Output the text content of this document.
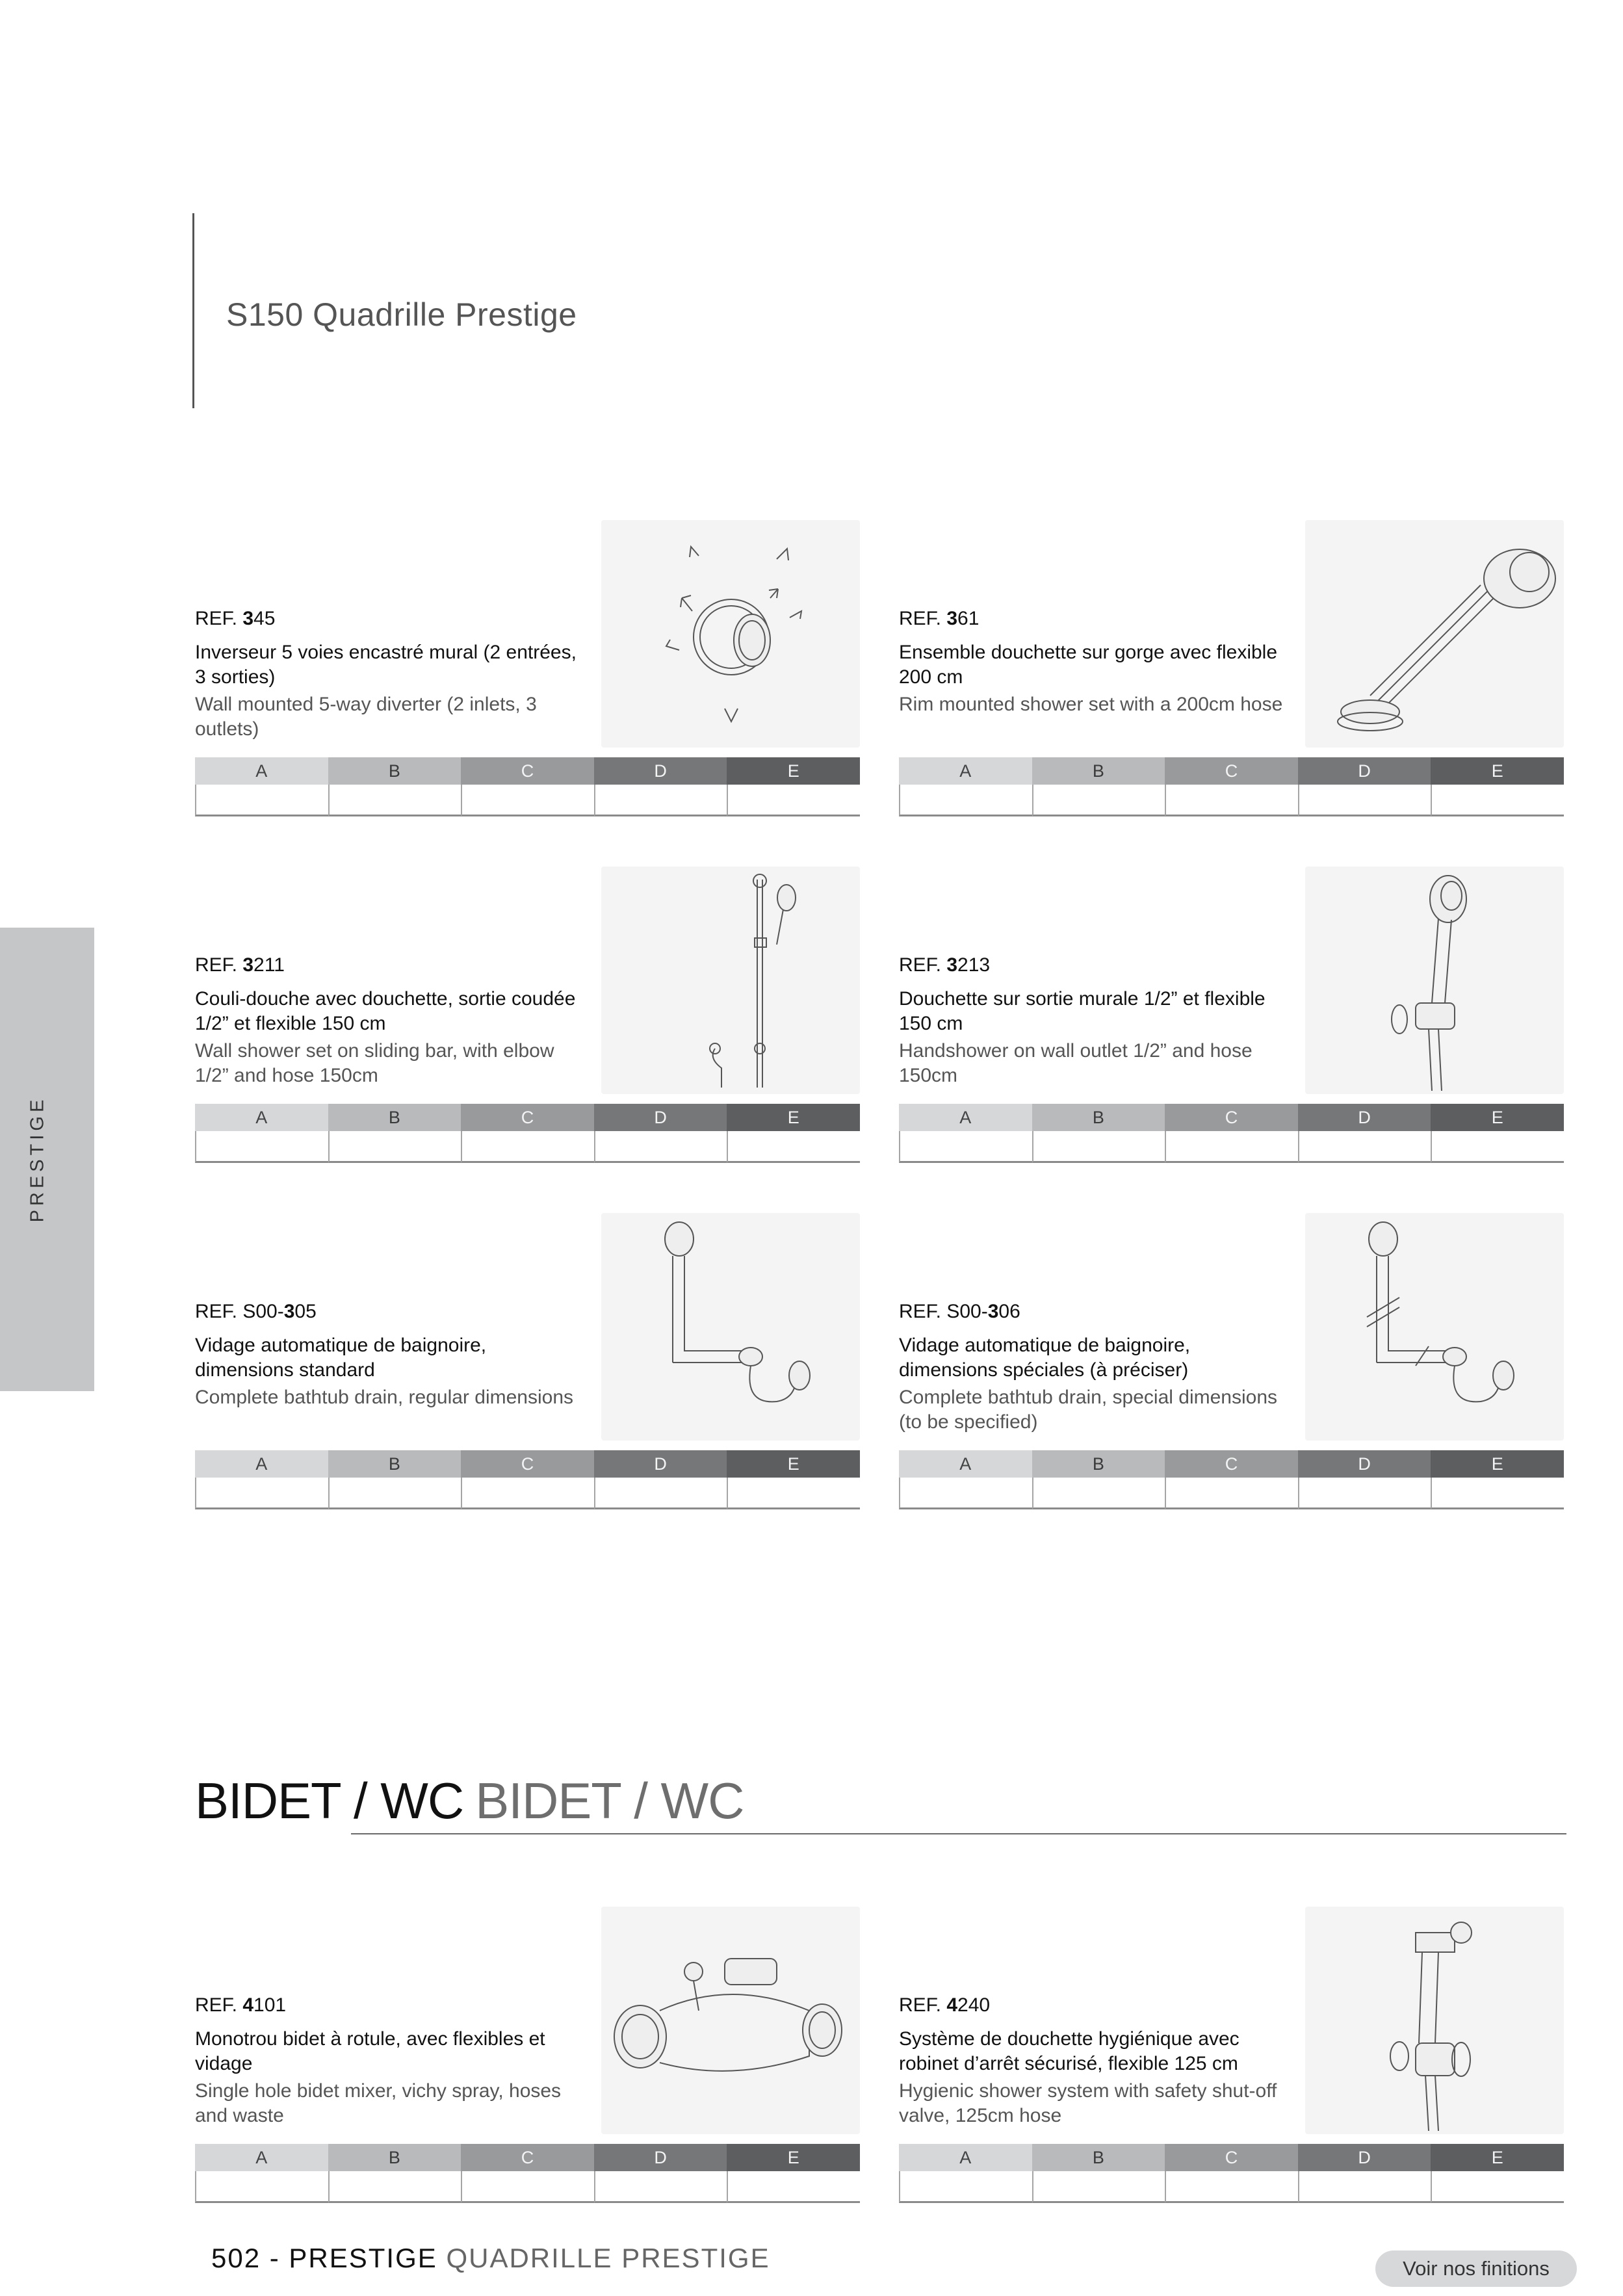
S150 Quadrille Prestige
PRESTIGE
REF. 345
Inverseur 5 voies encastré mural (2 entrées, 3 sorties)
Wall mounted 5-way diverter (2 inlets, 3 outlets)
A	B	C	D	E
REF. 361
Ensemble douchette sur gorge avec flexible 200 cm
Rim mounted shower set with a 200cm hose
A	B	C	D	E
REF. 3211
Couli-douche avec douchette, sortie coudée 1/2” et flexible 150 cm
Wall shower set on sliding bar, with elbow 1/2” and hose 150cm
A	B	C	D	E
REF. 3213
Douchette sur sortie murale 1/2” et flexible 150 cm
Handshower on wall outlet 1/2” and hose 150cm
A	B	C	D	E
REF. S00-305
Vidage automatique de baignoire, dimensions standard
Complete bathtub drain, regular dimensions
A	B	C	D	E
REF. S00-306
Vidage automatique de baignoire, dimensions spéciales (à préciser)
Complete bathtub drain, special dimensions (to be specified)
A	B	C	D	E
BIDET / WC BIDET / WC
REF. 4101
Monotrou bidet à rotule, avec flexibles et vidage
Single hole bidet mixer, vichy spray, hoses and waste
A	B	C	D	E
REF. 4240
Système de douchette hygiénique avec robinet d’arrêt sécurisé, flexible 125 cm
Hygienic shower system with safety shut-off valve, 125cm hose
A	B	C	D	E
502 - PRESTIGE QUADRILLE PRESTIGE	Voir nos finitions
